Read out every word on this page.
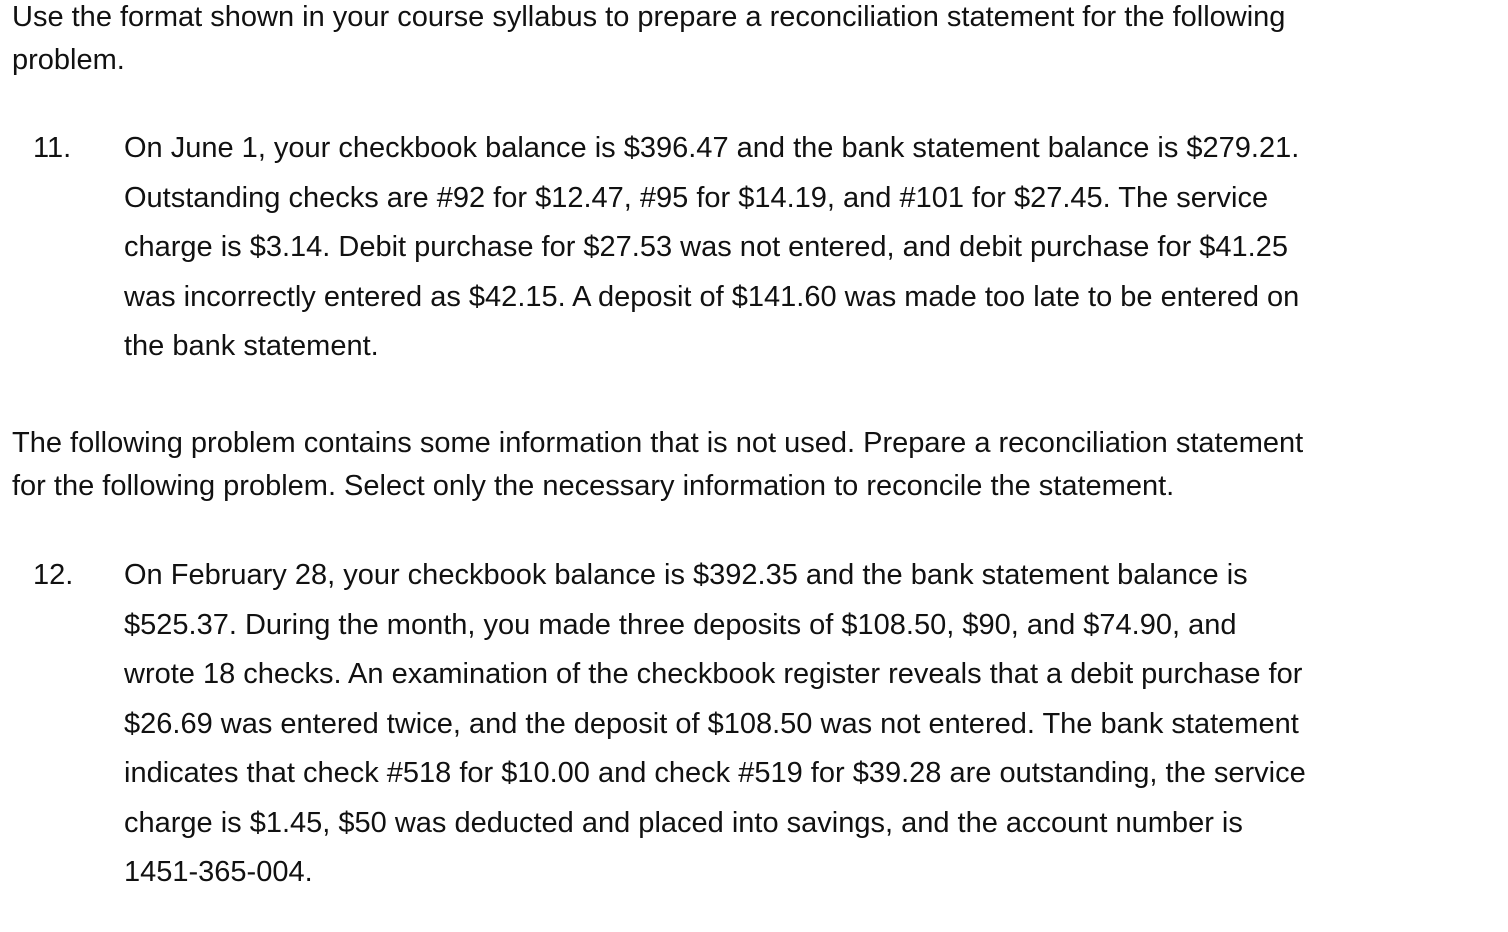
Use the format shown in your course syllabus to prepare a reconciliation statement for the following
problem.

11. On June 1, your checkbook balance is $396.47 and the bank statement balance is $279.21.
Outstanding checks are #92 for $12.47, #95 for $14.19, and #101 for $27.45. The service
charge is $3.14. Debit purchase for $27.53 was not entered, and debit purchase for $41.25
was incorrectly entered as $42.15. A deposit of $141.60 was made too late to be entered on
the bank statement.

The following problem contains some information that is not used. Prepare a reconciliation statement
for the following problem. Select only the necessary information to reconcile the statement.

12. On February 28, your checkbook balance is $392.35 and the bank statement balance is
$525.37. During the month, you made three deposits of $108.50, $90, and $74.90, and
wrote 18 checks. An examination of the checkbook register reveals that a debit purchase for
$26.69 was entered twice, and the deposit of $108.50 was not entered. The bank statement
indicates that check #518 for $10.00 and check #519 for $39.28 are outstanding, the service
charge is $1.45, $50 was deducted and placed into savings, and the account number is
1451-365-004.
